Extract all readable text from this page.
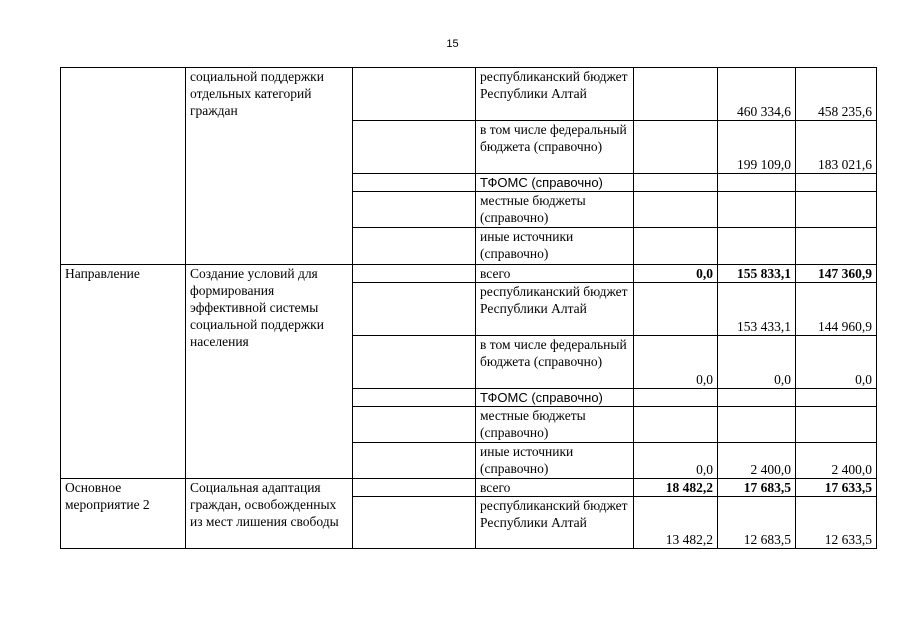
15
	социальной поддержки отдельных категорий граждан		республиканский бюджет Республики Алтай		460 334,6	458 235,6
			в том числе федеральный бюджета (справочно)		199 109,0	183 021,6
			ТФОМС (справочно)			
			местные бюджеты (справочно)			
			иные источники (справочно)			
Направление	Создание условий для формирования эффективной системы социальной поддержки населения		всего	0,0	155 833,1	147 360,9
			республиканский бюджет Республики Алтай		153 433,1	144 960,9
			в том числе федеральный бюджета (справочно)	0,0	0,0	0,0
			ТФОМС (справочно)			
			местные бюджеты (справочно)			
			иные источники (справочно)	0,0	2 400,0	2 400,0
Основное мероприятие 2	Социальная адаптация граждан, освобожденных из мест лишения свободы		всего	18 482,2	17 683,5	17 633,5
			республиканский бюджет Республики Алтай	13 482,2	12 683,5	12 633,5
